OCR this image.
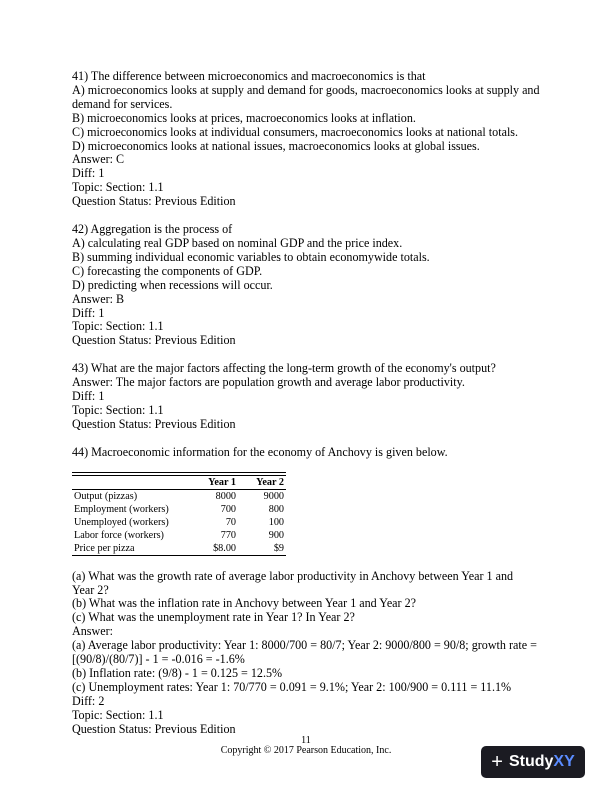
41) The difference between microeconomics and macroeconomics is that
A) microeconomics looks at supply and demand for goods, macroeconomics looks at supply and
demand for services.
B) microeconomics looks at prices, macroeconomics looks at inflation.
C) microeconomics looks at individual consumers, macroeconomics looks at national totals.
D) microeconomics looks at national issues, macroeconomics looks at global issues.
Answer: C
Diff: 1
Topic: Section: 1.1
Question Status: Previous Edition
42) Aggregation is the process of
A) calculating real GDP based on nominal GDP and the price index.
B) summing individual economic variables to obtain economywide totals.
C) forecasting the components of GDP.
D) predicting when recessions will occur.
Answer: B
Diff: 1
Topic: Section: 1.1
Question Status: Previous Edition
43) What are the major factors affecting the long-term growth of the economy's output?
Answer: The major factors are population growth and average labor productivity.
Diff: 1
Topic: Section: 1.1
Question Status: Previous Edition
44) Macroeconomic information for the economy of Anchovy is given below.

	Year 1	Year 2
Output (pizzas)	8000	9000
Employment (workers)	700	800
Unemployed (workers)	70	100
Labor force (workers)	770	900
Price per pizza	$8.00	$9
(a) What was the growth rate of average labor productivity in Anchovy between Year 1 and
Year 2?
(b) What was the inflation rate in Anchovy between Year 1 and Year 2?
(c) What was the unemployment rate in Year 1? In Year 2?
Answer:
(a) Average labor productivity: Year 1: 8000/700 = 80/7; Year 2: 9000/800 = 90/8; growth rate =
[(90/8)/(80/7)] - 1 = -0.016 = -1.6%
(b) Inflation rate: (9/8) - 1 = 0.125 = 12.5%
(c) Unemployment rates: Year 1: 70/770 = 0.091 = 9.1%; Year 2: 100/900 = 0.111 = 11.1%
Diff: 2
Topic: Section: 1.1
Question Status: Previous Edition
11
Copyright © 2017 Pearson Education, Inc.
+ Study XY
